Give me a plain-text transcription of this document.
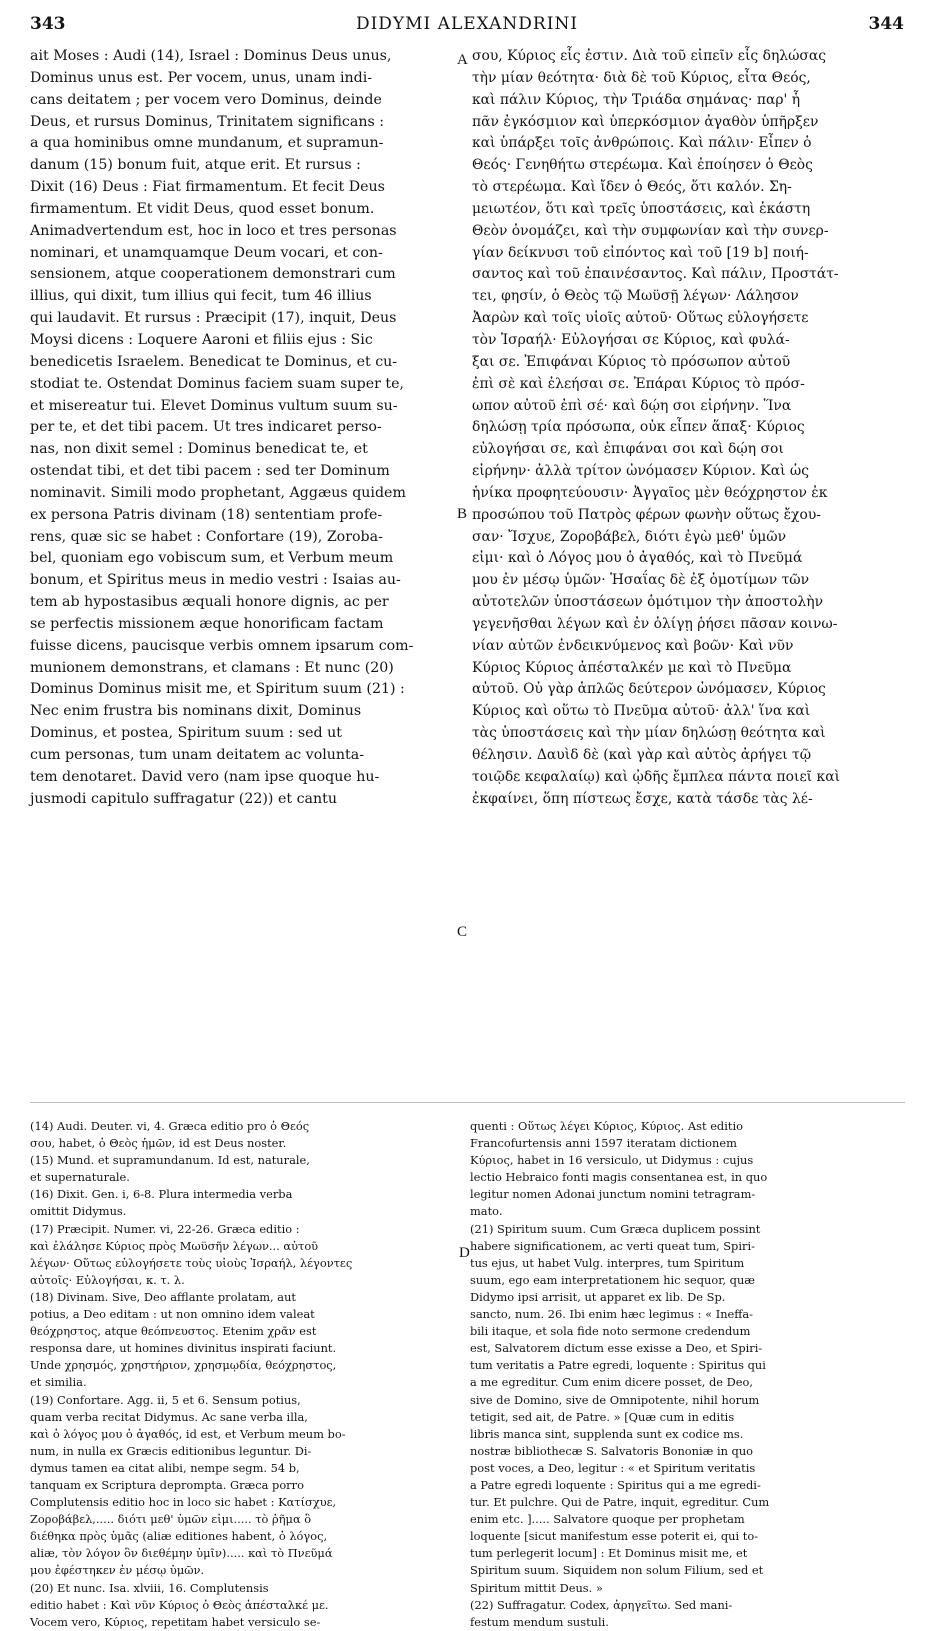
343	DIDYMI ALEXANDRINI	344
ait Moses : Audi (14), Israel : Dominus Deus unus,
Dominus unus est. Per vocem, unus, unam indi-
cans deitatem ; per vocem vero Dominus, deinde
Deus, et rursus Dominus, Trinitatem significans :
a qua hominibus omne mundanum, et supramun-
danum (15) bonum fuit, atque erit. Et rursus :
Dixit (16) Deus : Fiat firmamentum. Et fecit Deus
firmamentum. Et vidit Deus, quod esset bonum.
Animadvertendum est, hoc in loco et tres personas
nominari, et unamquamque Deum vocari, et con-
sensionem, atque cooperationem demonstrari cum
illius, qui dixit, tum illius qui fecit, tum 46 illius
qui laudavit. Et rursus : Præcipit (17), inquit, Deus
Moysi dicens : Loquere Aaroni et filiis ejus : Sic
benedicetis Israelem. Benedicat te Dominus, et cu-
stodiat te. Ostendat Dominus faciem suam super te,
et misereatur tui. Elevet Dominus vultum suum su-
per te, et det tibi pacem. Ut tres indicaret perso-
nas, non dixit semel : Dominus benedicat te, et
ostendat tibi, et det tibi pacem : sed ter Dominum
nominavit. Simili modo prophetant, Aggæus quidem
ex persona Patris divinam (18) sententiam profe-
rens, quæ sic se habet : Confortare (19), Zoroba-
bel, quoniam ego vobiscum sum, et Verbum meum
bonum, et Spiritus meus in medio vestri : Isaias au-
tem ab hypostasibus æquali honore dignis, ac per
se perfectis missionem æque honorificam factam
fuisse dicens, paucisque verbis omnem ipsarum com-
munionem demonstrans, et clamans : Et nunc (20)
Dominus Dominus misit me, et Spiritum suum (21) :
Nec enim frustra bis nominans dixit, Dominus
Dominus, et postea, Spiritum suum : sed ut
cum personas, tum unam deitatem ac volunta-
tem denotaret. David vero (nam ipse quoque hu-
jusmodi capitulo suffragatur (22)) et cantu
σου, Κύριος εἷς ἐστιν. Διὰ τοῦ εἰπεῖν εἷς δηλώσας
τὴν μίαν θεότητα· διὰ δὲ τοῦ Κύριος, εἶτα Θεός,
καὶ πάλιν Κύριος, τὴν Τριάδα σημάνας· παρ' ἧ
πᾶν ἐγκόσμιον καὶ ὑπερκόσμιον ἀγαθὸν ὑπῆρξεν
καὶ ὑπάρξει τοῖς ἀνθρώποις. Καὶ πάλιν· Εἶπεν ὁ
Θεός· Γενηθήτω στερέωμα. Καὶ ἐποίησεν ὁ Θεὸς
τὸ στερέωμα. Καὶ ἴδεν ὁ Θεός, ὅτι καλόν. Ση-
μειωτέον, ὅτι καὶ τρεῖς ὑποστάσεις, καὶ ἑκάστη
Θεὸν ὀνομάζει, καὶ τὴν συμφωνίαν καὶ τὴν συνερ-
γίαν δείκνυσι τοῦ εἰπόντος καὶ τοῦ [19 b] ποιή-
σαντος καὶ τοῦ ἐπαινέσαντος. Καὶ πάλιν, Προστάτ-
τει, φησίν, ὁ Θεὸς τῷ Μωϋσῇ λέγων· Λάλησον
Ἀαρὼν καὶ τοῖς υἱοῖς αὐτοῦ· Οὕτως εὐλογήσετε
τὸν Ἰσραήλ· Εὐλογήσαι σε Κύριος, καὶ φυλά-
ξαι σε. Ἐπιφάναι Κύριος τὸ πρόσωπον αὐτοῦ
ἐπὶ σὲ καὶ ἐλεήσαι σε. Ἐπάραι Κύριος τὸ πρόσ-
ωπον αὐτοῦ ἐπὶ σέ· καὶ δῴη σοι εἰρήνην. Ἵνα
δηλώσῃ τρία πρόσωπα, οὐκ εἶπεν ἅπαξ· Κύριος
εὐλογήσαι σε, καὶ ἐπιφάναι σοι καὶ δῴη σοι
εἰρήνην· ἀλλὰ τρίτον ὠνόμασεν Κύριον. Καὶ ὡς
ἡνίκα προφητεύουσιν· Ἀγγαῖος μὲν θεόχρηστον ἐκ
προσώπου τοῦ Πατρὸς φέρων φωνὴν οὕτως ἔχου-
σαν· Ἴσχυε, Ζοροβάβελ, διότι ἐγὼ μεθ' ὑμῶν
εἰμι· καὶ ὁ Λόγος μου ὁ ἀγαθός, καὶ τὸ Πνεῦμά
μου ἐν μέσῳ ὑμῶν· Ἡσαΐας δὲ ἐξ ὁμοτίμων τῶν
αὐτοτελῶν ὑποστάσεων ὁμότιμον τὴν ἀποστολὴν
γεγενῆσθαι λέγων καὶ ἐν ὀλίγῃ ῥήσει πᾶσαν κοινω-
νίαν αὐτῶν ἐνδεικνύμενος καὶ βοῶν· Καὶ νῦν
Κύριος Κύριος ἀπέσταλκέν με καὶ τὸ Πνεῦμα
αὐτοῦ. Οὐ γὰρ ἁπλῶς δεύτερον ὠνόμασεν, Κύριος
Κύριος καὶ οὕτω τὸ Πνεῦμα αὐτοῦ· ἀλλ' ἵνα καὶ
τὰς ὑποστάσεις καὶ τὴν μίαν δηλώσῃ θεότητα καὶ
θέλησιν. Δαυὶδ δὲ (καὶ γὰρ καὶ αὐτὸς ἀρήγει τῷ
τοιῷδε κεφαλαίῳ) καὶ ᾠδῆς ἔμπλεα πάντα ποιεῖ καὶ
ἐκφαίνει, ὅπη πίστεως ἔσχε, κατὰ τάσδε τὰς λέ-
A
B
C
D
(14) Audi. Deuter. vi, 4. Græca editio pro ὁ Θεός
σου, habet, ὁ Θεὸς ἡμῶν, id est Deus noster.
(15) Mund. et supramundanum. Id est, naturale,
et supernaturale.
(16) Dixit. Gen. i, 6-8. Plura intermedia verba
omittit Didymus.
(17) Præcipit. Numer. vi, 22-26. Græca editio :
καὶ ἐλάλησε Κύριος πρὸς Μωϋσῆν λέγων... αὐτοῦ
λέγων· Οὕτως εὐλογήσετε τοὺς υἱοὺς Ἰσραήλ, λέγοντες
αὐτοῖς· Εὐλογήσαι, κ. τ. λ.
(18) Divinam. Sive, Deo afflante prolatam, aut
potius, a Deo editam : ut non omnino idem valeat
θεόχρηστος, atque θεόπνευστος. Etenim χρᾶν est
responsa dare, ut homines divinitus inspirati faciunt.
Unde χρησμός, χρηστήριον, χρησμῳδία, θεόχρηστος,
et similia.
(19) Confortare. Agg. ii, 5 et 6. Sensum potius,
quam verba recitat Didymus. Ac sane verba illa,
καὶ ὁ λόγος μου ὁ ἀγαθός, id est, et Verbum meum bo-
num, in nulla ex Græcis editionibus leguntur. Di-
dymus tamen ea citat alibi, nempe segm. 54 b,
tanquam ex Scriptura deprompta. Græca porro
Complutensis editio hoc in loco sic habet : Κατίσχυε,
Ζοροβάβελ,..... διότι μεθ' ὑμῶν εἰμι..... τὸ ῥῆμα ὃ
διέθηκα πρὸς ὑμᾶς (aliæ editiones habent, ὁ λόγος,
aliæ, τὸν λόγον ὃν διεθέμην ὑμῖν)..... καὶ τὸ Πνεῦμά
μου ἐφέστηκεν ἐν μέσῳ ὑμῶν.
(20) Et nunc. Isa. xlviii, 16. Complutensis
editio habet : Καὶ νῦν Κύριος ὁ Θεὸς ἀπέσταλκέ με.
Vocem vero, Κύριος, repetitam habet versiculo se-
quenti : Οὕτως λέγει Κύριος, Κύριος. Ast editio
Francofurtensis anni 1597 iteratam dictionem
Κύριος, habet in 16 versiculo, ut Didymus : cujus
lectio Hebraico fonti magis consentanea est, in quo
legitur nomen Adonai junctum nomini tetragram-
mato.
(21) Spiritum suum. Cum Græca duplicem possint
habere significationem, ac verti queat tum, Spiri-
tus ejus, ut habet Vulg. interpres, tum Spiritum
suum, ego eam interpretationem hic sequor, quæ
Didymo ipsi arrisit, ut apparet ex lib. De Sp.
sancto, num. 26. Ibi enim hæc legimus : « Ineffa-
bili itaque, et sola fide noto sermone credendum
est, Salvatorem dictum esse exisse a Deo, et Spiri-
tum veritatis a Patre egredi, loquente : Spiritus qui
a me egreditur. Cum enim dicere posset, de Deo,
sive de Domino, sive de Omnipotente, nihil horum
tetigit, sed ait, de Patre. » [Quæ cum in editis
libris manca sint, supplenda sunt ex codice ms.
nostræ bibliothecæ S. Salvatoris Bononiæ in quo
post voces, a Deo, legitur : « et Spiritum veritatis
a Patre egredi loquente : Spiritus qui a me egredi-
tur. Et pulchre. Qui de Patre, inquit, egreditur. Cum
enim etc. ]..... Salvatore quoque per prophetam
loquente [sicut manifestum esse poterit ei, qui to-
tum perlegerit locum] : Et Dominus misit me, et
Spiritum suum. Siquidem non solum Filium, sed et
Spiritum mittit Deus. »
(22) Suffragatur. Codex, ἀρηγεῖτω. Sed mani-
festum mendum sustuli.
